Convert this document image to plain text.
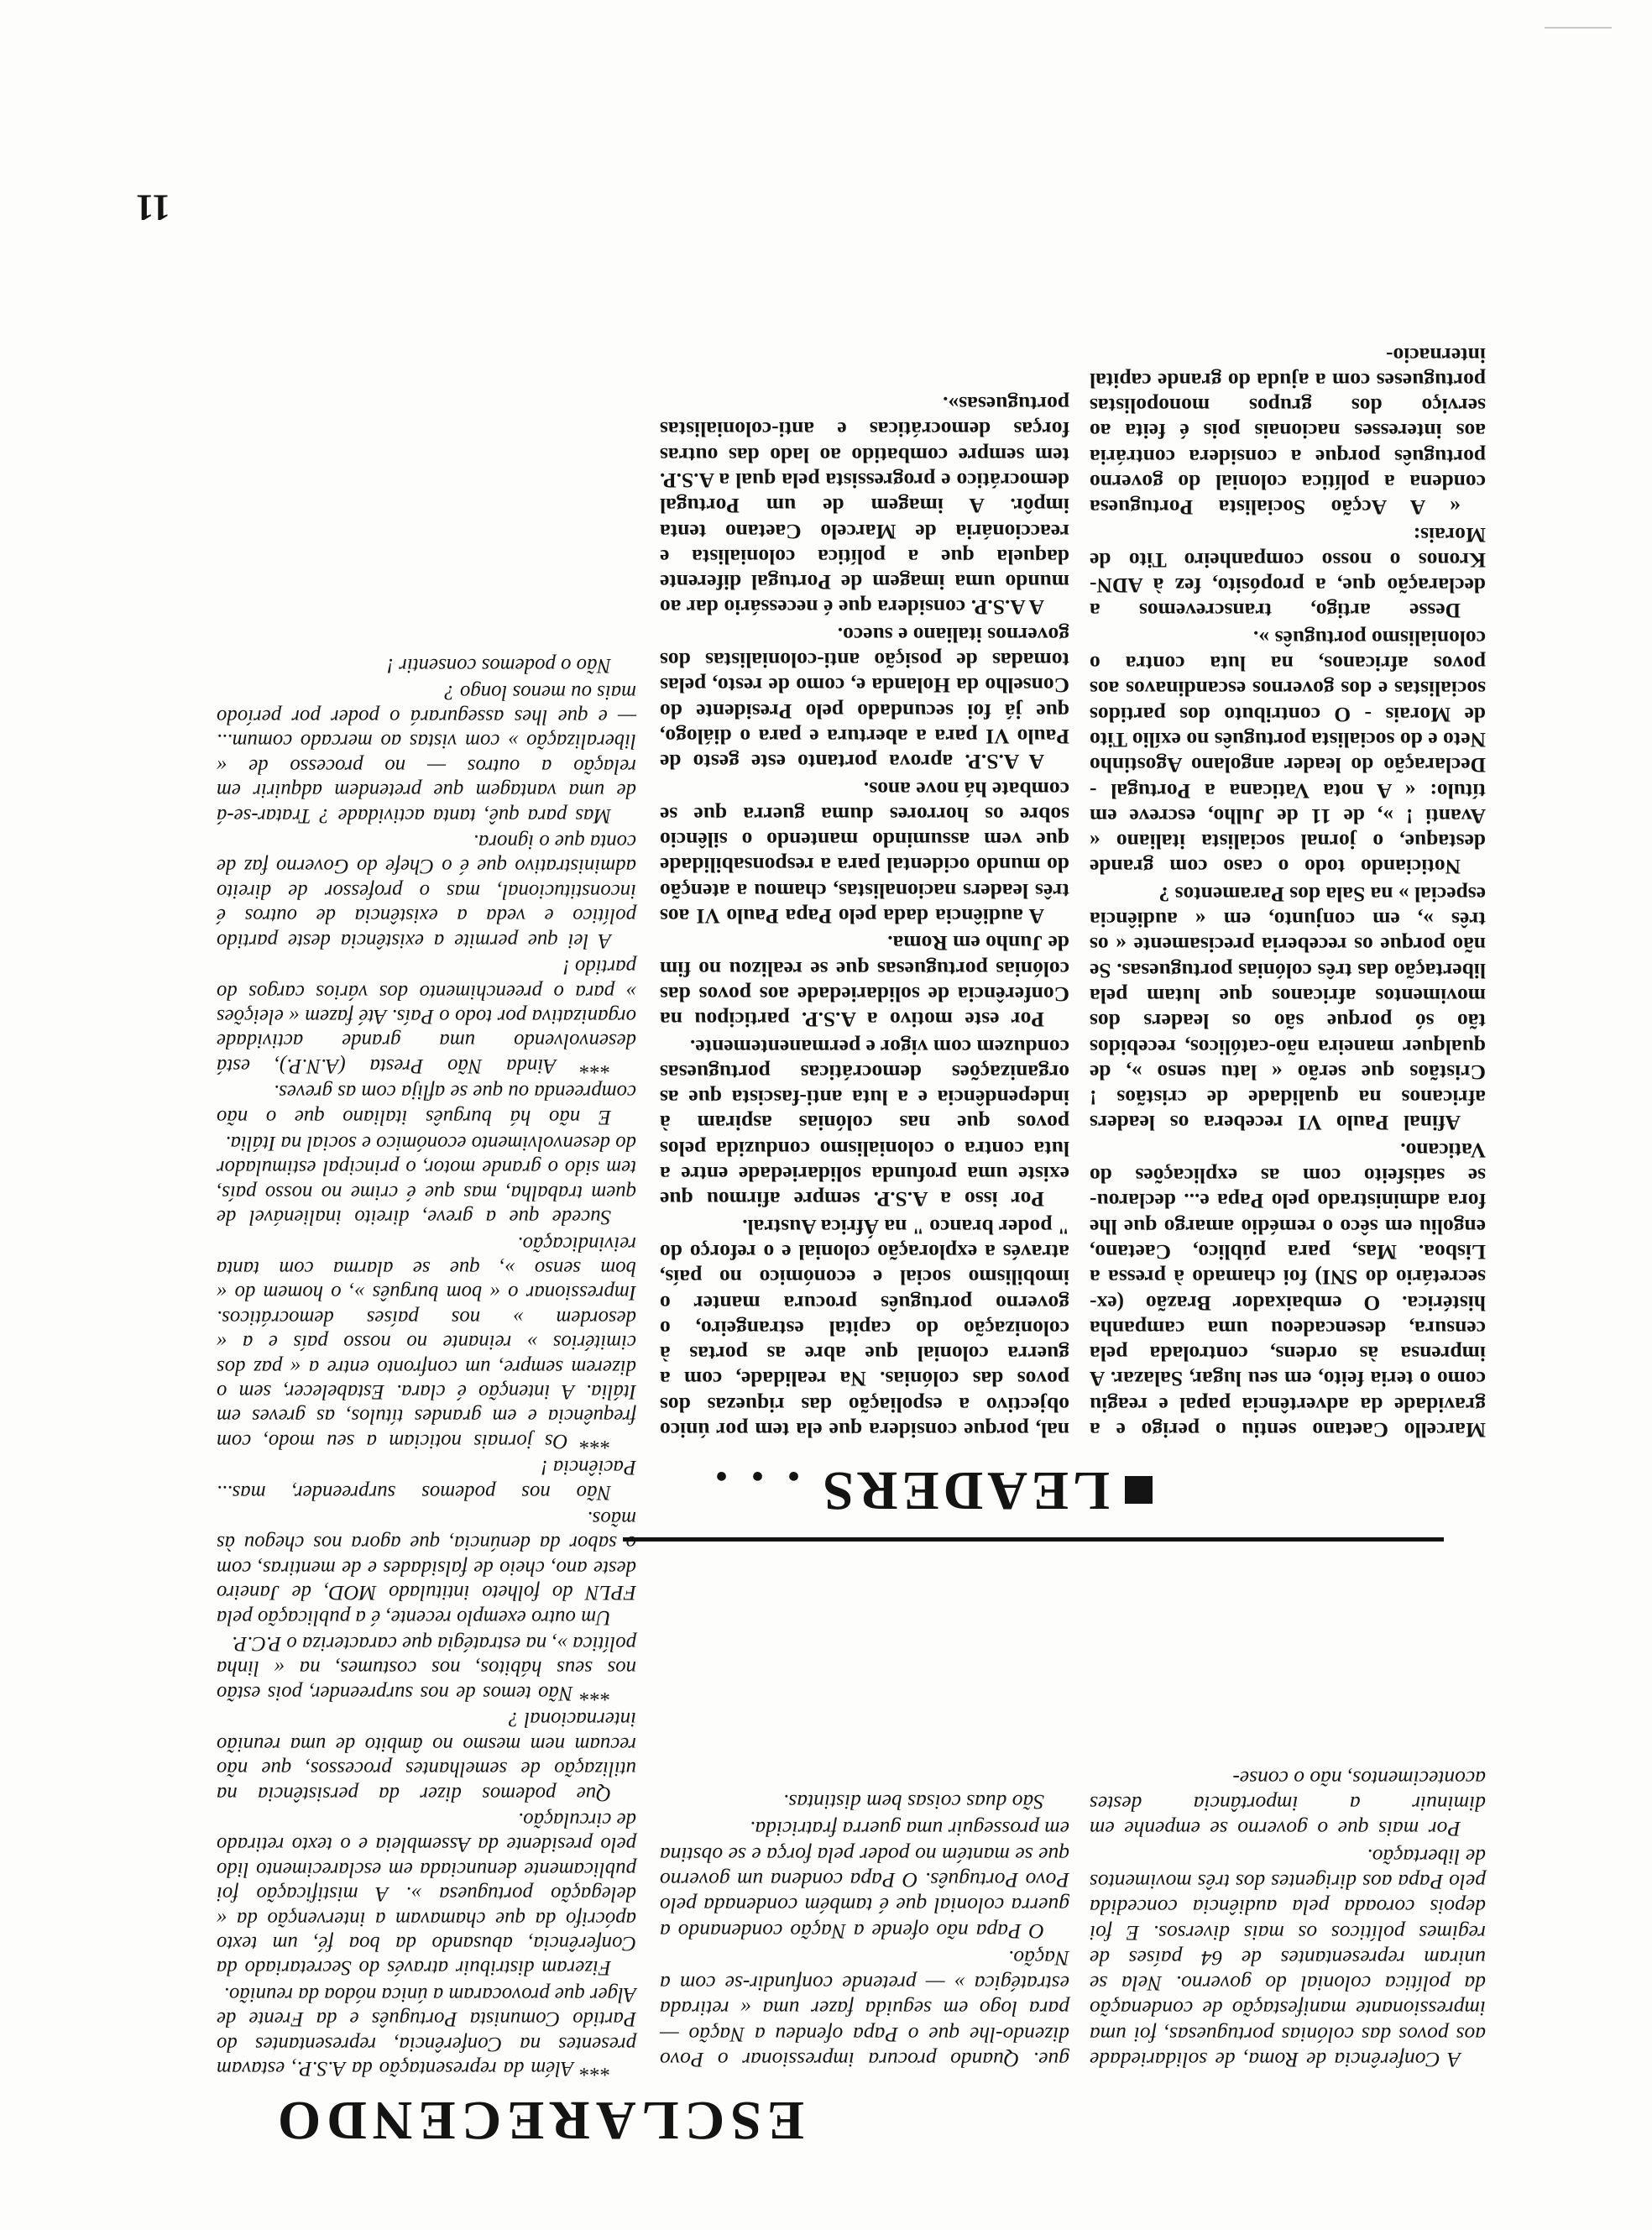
ESCLARECENDO

A Conferência de Roma, de solidariedade aos povos das colónias portuguesas, foi uma impressionante manifestação de condenação da política colonial do governo. Nela se uniram representantes de 64 países de regimes políticos os mais diversos. E foi depois coroada pela audiência concedida pelo Papa aos dirigentes dos três movimentos de libertação.

Por mais que o governo se empenhe em diminuir a importância destes acontecimentos, não o conse-

gue. Quando procura impressionar o Povo dizendo-lhe que o Papa ofendeu a Nação — para logo em seguida fazer uma « retirada estratégica » — pretende confundir-se com a Nação.

O Papa não ofende a Nação condenando a guerra colonial que é também condenada pelo Povo Português. O Papa condena um governo que se mantém no poder pela força e se obstina em prosseguir uma guerra fratricida.

São duas coisas bem distintas.

LEADERS . . .

Marcello Caetano sentiu o perigo e a gravidade da advertência papal e reagiu como o teria feito, em seu lugar, Salazar. A imprensa às ordens, controlada pela censura, desencadeou uma campanha histérica. O embaixador Brazão (ex-secretário do SNI) foi chamado à pressa a Lisboa. Mas, para público, Caetano, engoliu em sêco o remédio amargo que lhe fora administrado pelo Papa e... declarou-se satisfeito com as explicações do Vaticano.

Afinal Paulo VI recebera os leaders africanos na qualidade de cristãos ! Cristãos que serão « latu senso », de qualquer maneira não-católicos, recebidos tão só porque são os leaders dos movimentos africanos que lutam pela libertação das três colónias portuguesas. Se não porque os receberia precisamente « os três », em conjunto, em « audiência especial » na Sala dos Paramentos ?

Noticiando todo o caso com grande destaque, o jornal socialista italiano « Avanti ! », de 11 de Julho, escreve em título: « A nota Vaticana a Portugal - Declaração do leader angolano Agostinho Neto e do socialista português no exílio Tito de Morais - O contributo dos partidos socialistas e dos governos escandinavos aos povos africanos, na luta contra o colonialismo português ».

Desse artigo, transcrevemos a declaração que, a propósito, fez à ADN-Kronos o nosso companheiro Tito de Morais:

« A Acção Socialista Portuguesa condena a política colonial do governo português porque a considera contrária aos interesses nacionais pois é feita ao serviço dos grupos monopolistas portugueses com a ajuda do grande capital internacio-

nal, porque considera que ela tem por único objectivo a espoliação das riquezas dos povos das colónias. Na realidade, com a guerra colonial que abre as portas à colonização do capital estrangeiro, o governo português procura manter o imobilismo social e económico no país, através a exploração colonial e o reforço do " poder branco " na África Austral.

Por isso a A.S.P. sempre afirmou que existe uma profunda solidariedade entre a luta contra o colonialismo conduzida pelos povos que nas colónias aspiram à independência e a luta anti-fascista que as organizações democráticas portuguesas conduzem com vigor e permanentemente.

Por este motivo a A.S.P. participou na Conferência de solidariedade aos povos das colónias portuguesas que se realizou no fim de Junho em Roma.

A audiência dada pelo Papa Paulo VI aos três leaders nacionalistas, chamou a atenção do mundo ocidental para a responsabilidade que vem assumindo mantendo o silêncio sobre os horrores duma guerra que se combate há nove anos.

A A.S.P. aprova portanto este gesto de Paulo VI para a abertura e para o diálogo, que já foi secundado pelo Presidente do Conselho da Holanda e, como de resto, pelas tomadas de posição anti-colonialistas dos governos italiano e sueco.

A A.S.P. considera que é necessário dar ao mundo uma imagem de Portugal diferente daquela que a política colonialista e reaccionária de Marcelo Caetano tenta impôr. A imagem de um Portugal democrático e progressista pela qual a A.S.P. tem sempre combatido ao lado das outras forças democráticas e anti-colonialistas portuguesas».

*** Além da representação da A.S.P., estavam presentes na Conferência, representantes do Partido Comunista Português e da Frente de Alger que provocaram a única nódoa da reunião.

Fizeram distribuir através do Secretariado da Conferência, abusando da boa fé, um texto apócrifo da que chamavam a intervenção da « delegação portuguesa ». A mistificação foi publicamente denunciada em esclarecimento lido pelo presidente da Assembleia e o texto retirado de circulação.

Que podemos dizer da persistência na utilização de semelhantes processos, que não recuam nem mesmo no âmbito de uma reunião internacional ?

*** Não temos de nos surpreender, pois estão nos seus hábitos, nos costumes, na « linha política », na estratégia que caracteriza o P.C.P.

Um outro exemplo recente, é a publicação pela FPLN do folheto intitulado MOD, de Janeiro deste ano, cheio de falsidades e de mentiras, com o sabor da denúncia, que agora nos chegou às mãos.

Não nos podemos surpreender, mas... Paciência !

*** Os jornais noticiam a seu modo, com frequência e em grandes títulos, as greves em Itália. A intenção é clara. Estabelecer, sem o dizerem sempre, um confronto entre a « paz dos cimitérios » reinante no nosso país e a « desordem » nos países democráticos. Impressionar o « bom burguês », o homem do « bom senso », que se alarma com tanta reivindicação.

Sucede que a greve, direito inalienável de quem trabalha, mas que é crime no nosso país, tem sido o grande motor, o principal estimulador do desenvolvimento económico e social na Itália.

E não há burguês italiano que o não compreenda ou que se aflija com as greves.

*** Ainda Não Presta (A.N.P.), está desenvolvendo uma grande actividade organizativa por todo o País. Até fazem « eleições » para o preenchimento dos vários cargos do partido !

A lei que permite a existência deste partido político e veda a existência de outros é inconstitucional, mas o professor de direito administrativo que é o Chefe do Governo faz de conta que o ignora.

Mas para quê, tanta actividade ? Tratar-se-á de uma vantagem que pretendem adquirir em relação a outros — no processo de « liberalização » com vistas ao mercado comum... — e que lhes assegurará o poder por período mais ou menos longo ?

Não o podemos consentir !

11
